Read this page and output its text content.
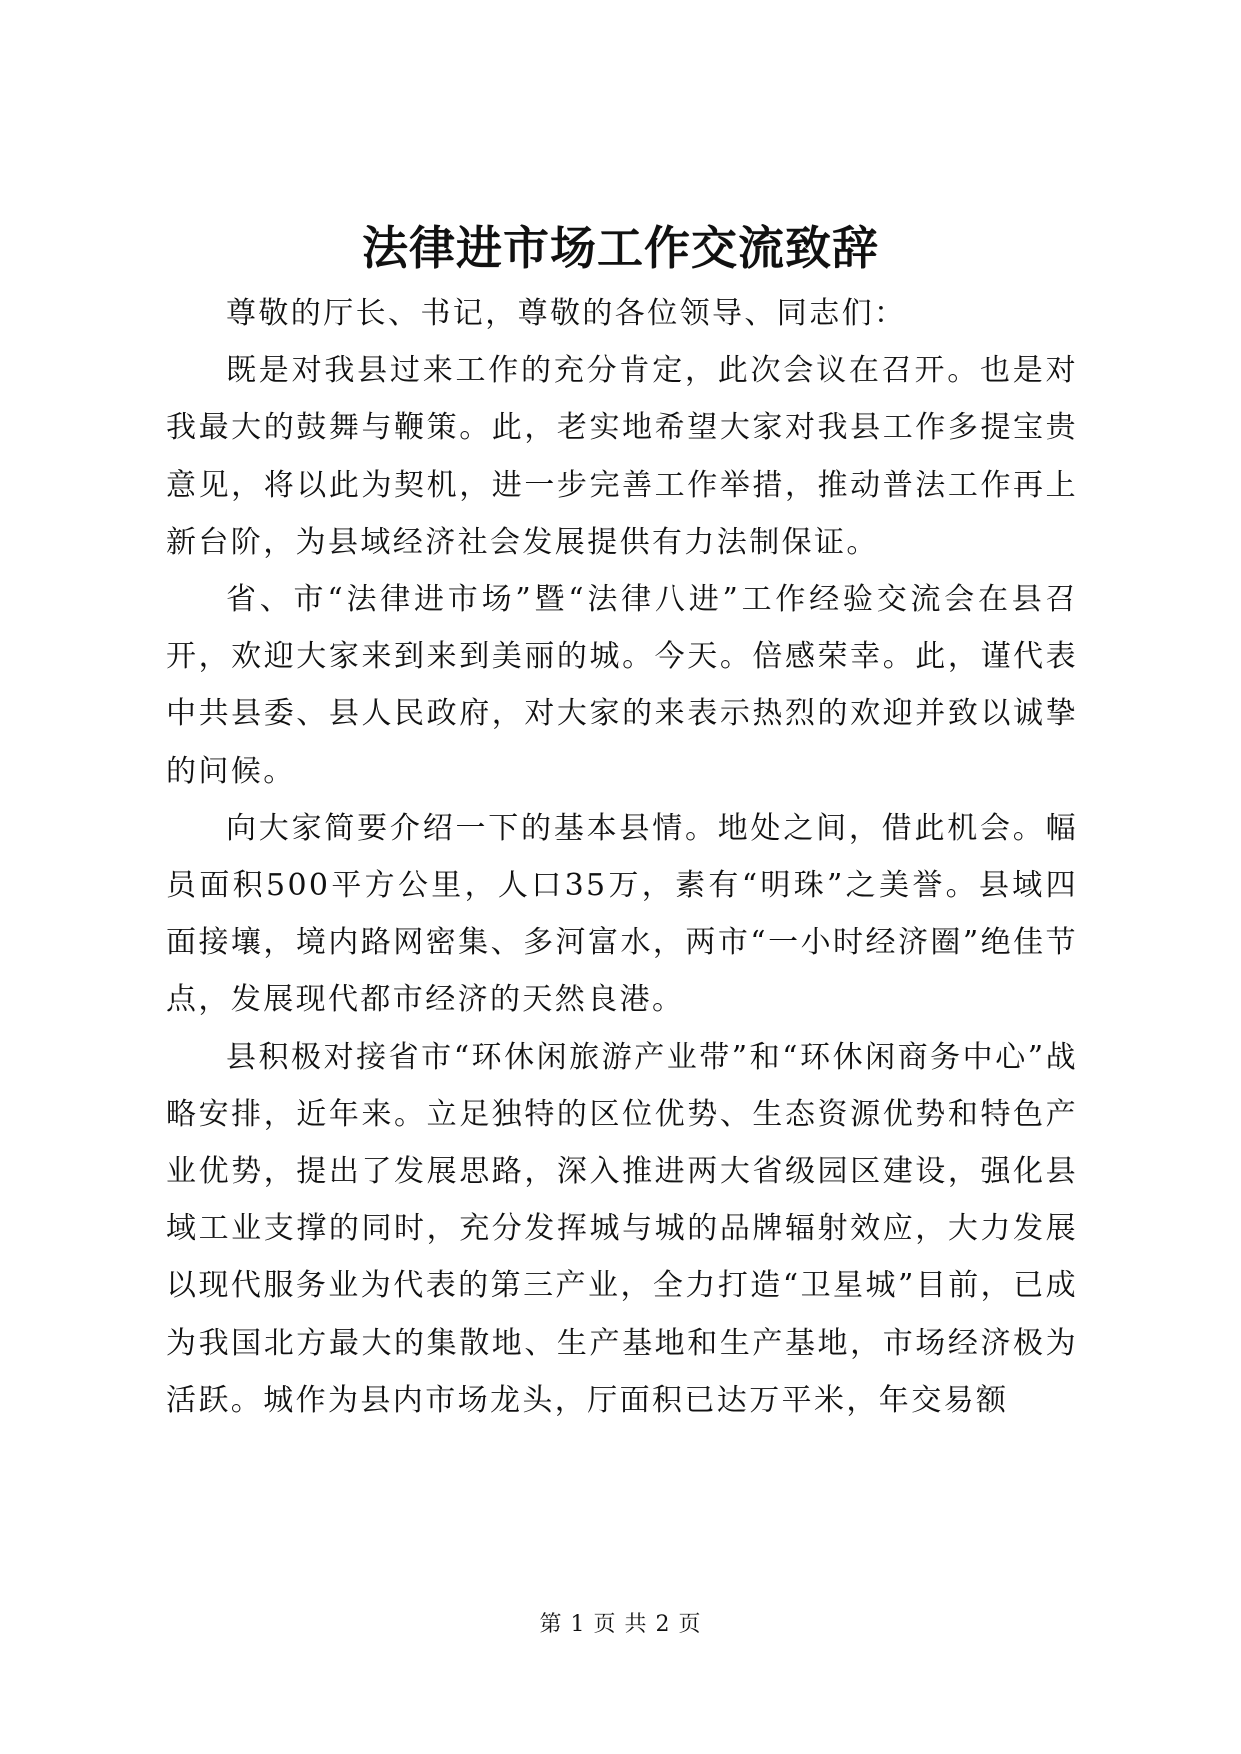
法律进市场工作交流致辞

尊敬的厅长、书记，尊敬的各位领导、同志们：

既是对我县过来工作的充分肯定，此次会议在召开。也是对我最大的鼓舞与鞭策。此，老实地希望大家对我县工作多提宝贵意见，将以此为契机，进一步完善工作举措，推动普法工作再上新台阶，为县域经济社会发展提供有力法制保证。

省、市“法律进市场”暨“法律八进”工作经验交流会在县召开，欢迎大家来到来到美丽的城。今天。倍感荣幸。此，谨代表中共县委、县人民政府，对大家的来表示热烈的欢迎并致以诚挚的问候。

向大家简要介绍一下的基本县情。地处之间，借此机会。幅员面积500平方公里，人口35万，素有“明珠”之美誉。县域四面接壤，境内路网密集、多河富水，两市“一小时经济圈”绝佳节点，发展现代都市经济的天然良港。

县积极对接省市“环休闲旅游产业带”和“环休闲商务中心”战略安排，近年来。立足独特的区位优势、生态资源优势和特色产业优势，提出了发展思路，深入推进两大省级园区建设，强化县域工业支撑的同时，充分发挥城与城的品牌辐射效应，大力发展以现代服务业为代表的第三产业，全力打造“卫星城”目前，已成为我国北方最大的集散地、生产基地和生产基地，市场经济极为活跃。城作为县内市场龙头，厅面积已达万平米，年交易额

第 1 页 共 2 页
